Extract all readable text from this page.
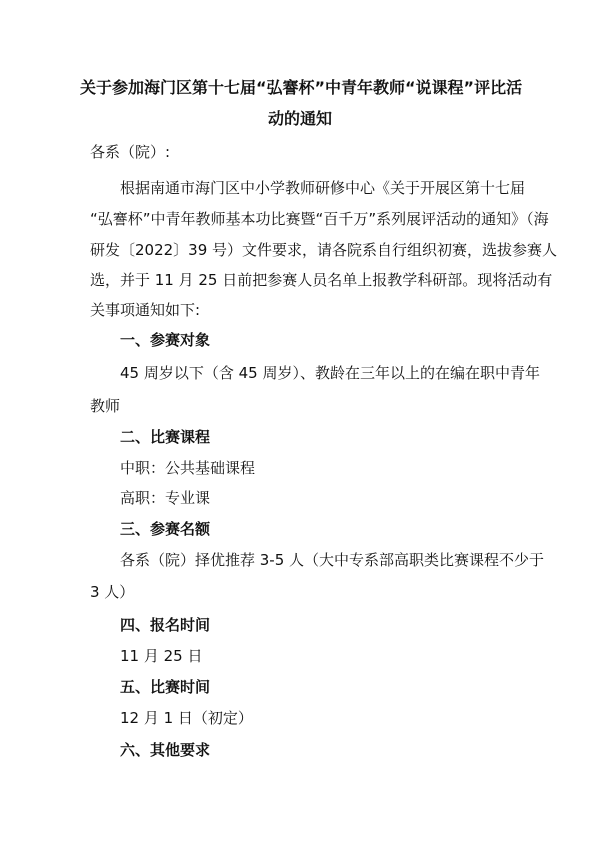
关于参加海门区第十七届“弘謇杯”中青年教师“说课程”评比活
动的通知
各系（院）:
根据南通市海门区中小学教师研修中心《关于开展区第十七届
“弘謇杯”中青年教师基本功比赛暨“百千万”系列展评活动的通知》（海
研发〔2022〕39 号）文件要求，请各院系自行组织初赛，选拔参赛人
选，并于 11 月 25 日前把参赛人员名单上报教学科研部。现将活动有
关事项通知如下:
一、参赛对象
45 周岁以下（含 45 周岁）、教龄在三年以上的在编在职中青年
教师
二、比赛课程
中职：公共基础课程
高职：专业课
三、参赛名额
各系（院）择优推荐 3-5 人（大中专系部高职类比赛课程不少于
3 人）
四、报名时间
11 月 25 日
五、比赛时间
12 月 1 日（初定）
六、其他要求
